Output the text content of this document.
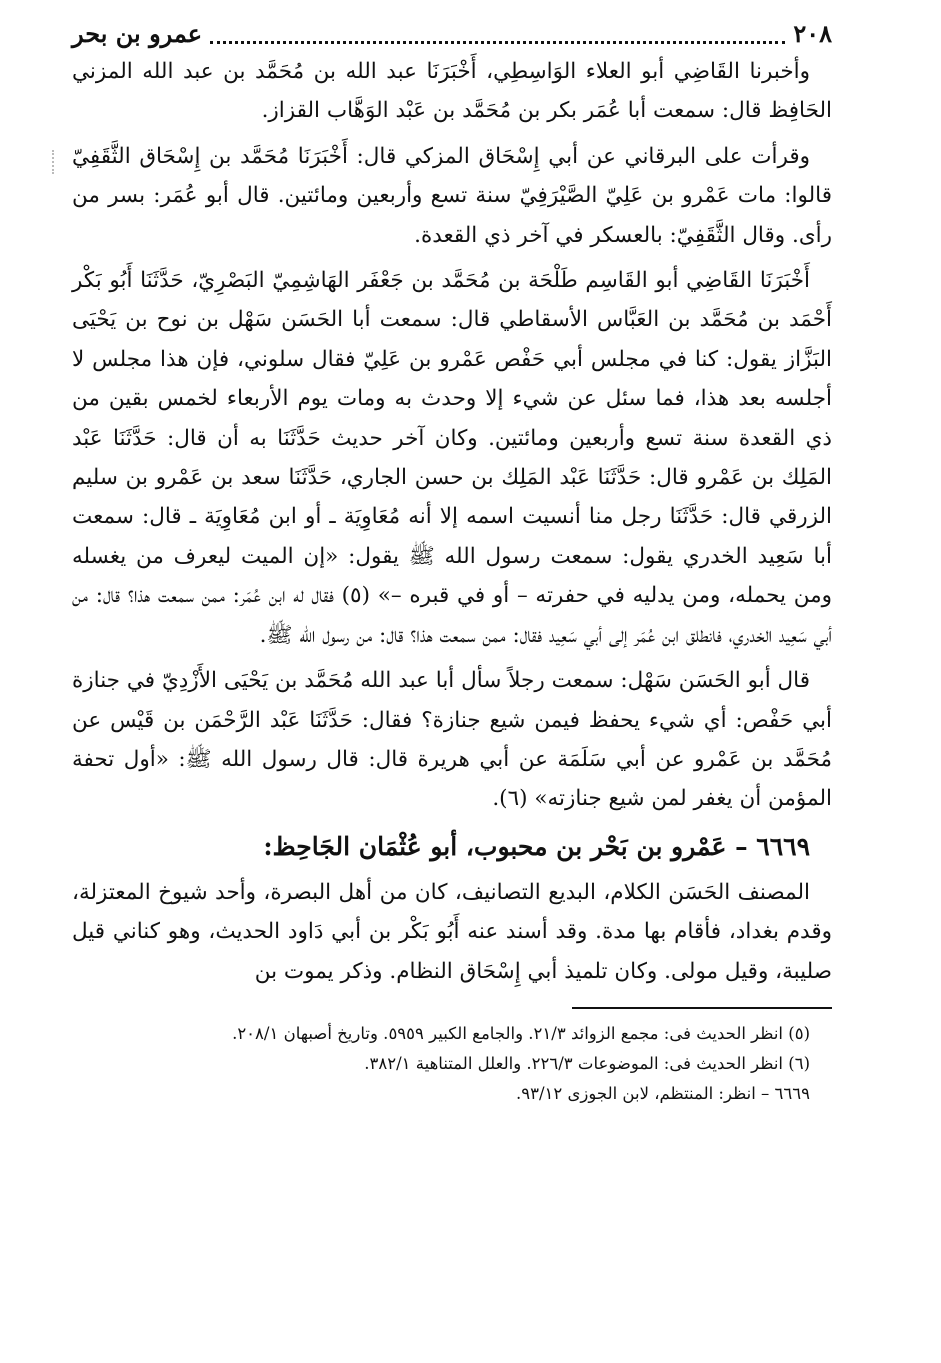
٢٠٨
عمرو بن بحر

وأخبرنا القَاضِي أبو العلاء الوَاسِطِي، أَخْبَرَنَا عبد الله بن مُحَمَّد بن عبد الله المزني الحَافِظ قال: سمعت أبا عُمَر بكر بن مُحَمَّد بن عَبْد الوَهَّاب القزاز.

وقرأت على البرقاني عن أبي إِسْحَاق المزكي قال: أَخْبَرَنَا مُحَمَّد بن إِسْحَاق الثَّقَفِيّ قالوا: مات عَمْرو بن عَلِيّ الصَّيْرَفِيّ سنة تسع وأربعين ومائتين. قال أبو عُمَر: بسر من رأى. وقال الثَّقَفِيّ: بالعسكر في آخر ذي القعدة.

أَخْبَرَنَا القَاضِي أبو القَاسِم طَلْحَة بن مُحَمَّد بن جَعْفَر الهَاشِمِيّ البَصْرِيّ، حَدَّثَنَا أَبُو بَكْر أَحْمَد بن مُحَمَّد بن العَبَّاس الأسقاطي قال: سمعت أبا الحَسَن سَهْل بن نوح بن يَحْيَى البَزَّاز يقول: كنا في مجلس أبي حَفْص عَمْرو بن عَلِيّ فقال سلوني، فإن هذا مجلس لا أجلسه بعد هذا، فما سئل عن شيء إلا وحدث به ومات يوم الأربعاء لخمس بقين من ذي القعدة سنة تسع وأربعين ومائتين. وكان آخر حديث حَدَّثَنَا به أن قال: حَدَّثَنَا عَبْد المَلِك بن عَمْرو قال: حَدَّثَنَا عَبْد المَلِك بن حسن الجاري، حَدَّثَنَا سعد بن عَمْرو بن سليم الزرقي قال: حَدَّثَنَا رجل منا أنسيت اسمه إلا أنه مُعَاوِيَة ـ أو ابن مُعَاوِيَة ـ قال: سمعت أبا سَعِيد الخدري يقول: سمعت رسول الله ﷺ يقول: «إن الميت ليعرف من يغسله ومن يحمله، ومن يدليه في حفرته – أو في قبره –» (٥) فقال له ابن عُمَر: ممن سمعت هذا؟ قال: من أبي سَعِيد الخدري، فانطلق ابن عُمَر إلى أبي سَعِيد فقال: ممن سمعت هذا؟ قال: من رسول الله ﷺ.

قال أبو الحَسَن سَهْل: سمعت رجلاً سأل أبا عبد الله مُحَمَّد بن يَحْيَى الأَزْدِيّ في جنازة أبي حَفْص: أي شيء يحفظ فيمن شيع جنازة؟ فقال: حَدَّثَنَا عَبْد الرَّحْمَن بن قَيْس عن مُحَمَّد بن عَمْرو عن أبي سَلَمَة عن أبي هريرة قال: قال رسول الله ﷺ: «أول تحفة المؤمن أن يغفر لمن شيع جنازته» (٦).

٦٦٦٩ – عَمْرو بن بَحْر بن محبوب، أبو عُثْمَان الجَاحِظ:

المصنف الحَسَن الكلام، البديع التصانيف، كان من أهل البصرة، وأحد شيوخ المعتزلة، وقدم بغداد، فأقام بها مدة. وقد أسند عنه أَبُو بَكْر بن أبي دَاود الحديث، وهو كناني قيل صليبة، وقيل مولى. وكان تلميذ أبي إِسْحَاق النظام. وذكر يموت بن

(٥) انظر الحديث فى: مجمع الزوائد ٢١/٣. والجامع الكبير ٥٩٥٩. وتاريخ أصبهان ٢٠٨/١.

(٦) انظر الحديث فى: الموضوعات ٢٢٦/٣. والعلل المتناهية ٣٨٢/١.

٦٦٦٩ – انظر: المنتظم، لابن الجوزى ٩٣/١٢.
